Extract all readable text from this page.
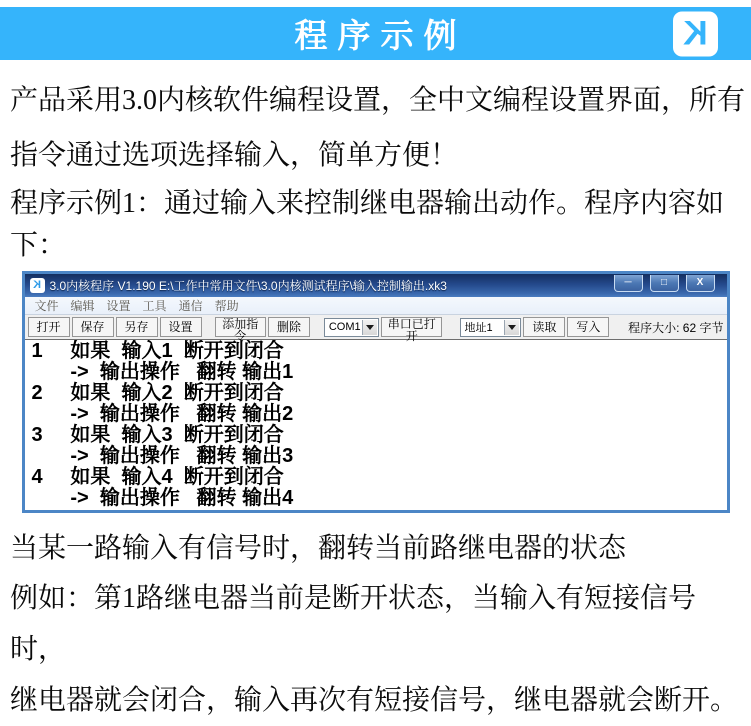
程序示例	K

产品采用3.0内核软件编程设置，全中文编程设置界面，所有指令通过选项选择输入，简单方便！

程序示例1：通过输入来控制继电器输出动作。程序内容如下：

K 3.0内核程序 V1.190 E:\工作中常用文件\3.0内核测试程序\输入控制输出.xk3	─	□	X
文件 编辑 设置 工具 通信 帮助
打开	保存	另存	设置	添加指令
删除	COM1	串口已打开
地址1	读取	写入	程序大小: 62 字节
1     如果  输入1  断开到闭合
->  输出操作   翻转 输出1
2     如果  输入2  断开到闭合
->  输出操作   翻转 输出2
3     如果  输入3  断开到闭合
->  输出操作   翻转 输出3
4     如果  输入4  断开到闭合
->  输出操作   翻转 输出4

当某一路输入有信号时，翻转当前路继电器的状态

例如：第1路继电器当前是断开状态，当输入有短接信号时，

继电器就会闭合，输入再次有短接信号，继电器就会断开。
